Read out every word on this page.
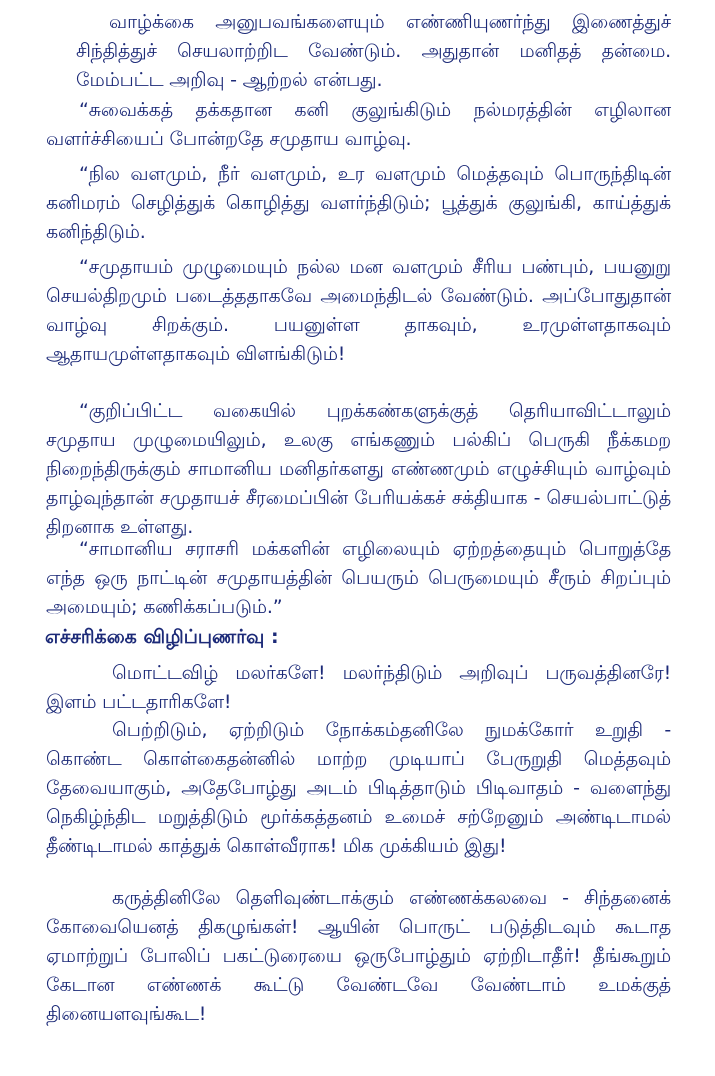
வாழ்க்கை அனுபவங்களையும் எண்ணியுணர்ந்து இணைத்துச் சிந்தித்துச் செயலாற்றிட வேண்டும். அதுதான் மனிதத் தன்மை. மேம்பட்ட அறிவு - ஆற்றல் என்பது.
“சுவைக்கத் தக்கதான கனி குலுங்கிடும் நல்மரத்தின் எழிலான வளர்ச்சியைப் போன்றதே சமுதாய வாழ்வு.
“நில வளமும், நீர் வளமும், உர வளமும் மெத்தவும் பொருந்திடின் கனிமரம் செழித்துக் கொழித்து வளர்ந்திடும்; பூத்துக் குலுங்கி, காய்த்துக் கனிந்திடும்.
“சமுதாயம் முழுமையும் நல்ல மன வளமும் சீரிய பண்பும், பயனுறு செயல்திறமும் படைத்ததாகவே அமைந்திடல் வேண்டும். அப்போதுதான் வாழ்வு சிறக்கும். பயனுள்ள தாகவும், உரமுள்ளதாகவும் ஆதாயமுள்ளதாகவும் விளங்கிடும்!
“குறிப்பிட்ட வகையில் புறக்கண்களுக்குத் தெரியாவிட்டாலும் சமுதாய முழுமையிலும், உலகு எங்கணும் பல்கிப் பெருகி நீக்கமற நிறைந்திருக்கும் சாமானிய மனிதர்களது எண்ணமும் எழுச்சியும் வாழ்வும் தாழ்வுந்தான் சமுதாயச் சீரமைப்பின் பேரியக்கச் சக்தியாக - செயல்பாட்டுத் திறனாக உள்ளது.
“சாமானிய சராசரி மக்களின் எழிலையும் ஏற்றத்தையும் பொறுத்தே எந்த ஒரு நாட்டின் சமுதாயத்தின் பெயரும் பெருமையும் சீரும் சிறப்பும் அமையும்; கணிக்கப்படும்.”
எச்சரிக்கை விழிப்புணர்வு :
மொட்டவிழ் மலர்களே! மலர்ந்திடும் அறிவுப் பருவத்தினரே! இளம் பட்டதாரிகளே!
பெற்றிடும், ஏற்றிடும் நோக்கம்தனிலே நுமக்கோர் உறுதி - கொண்ட கொள்கைதன்னில் மாற்ற முடியாப் பேருறுதி மெத்தவும் தேவையாகும், அதேபோழ்து அடம் பிடித்தாடும் பிடிவாதம் - வளைந்து நெகிழ்ந்திட மறுத்திடும் மூர்க்கத்தனம் உமைச் சற்றேனும் அண்டிடாமல் தீண்டிடாமல் காத்துக் கொள்வீராக! மிக முக்கியம் இது!
கருத்தினிலே தெளிவுண்டாக்கும் எண்ணக்கலவை - சிந்தனைக் கோவையெனத் திகழுங்கள்! ஆயின் பொருட் படுத்திடவும் கூடாத ஏமாற்றுப் போலிப் பகட்டுரையை ஒருபோழ்தும் ஏற்றிடாதீர்! தீங்கூறும் கேடான எண்ணக் கூட்டு வேண்டவே வேண்டாம் உமக்குத் தினையளவுங்கூட!
